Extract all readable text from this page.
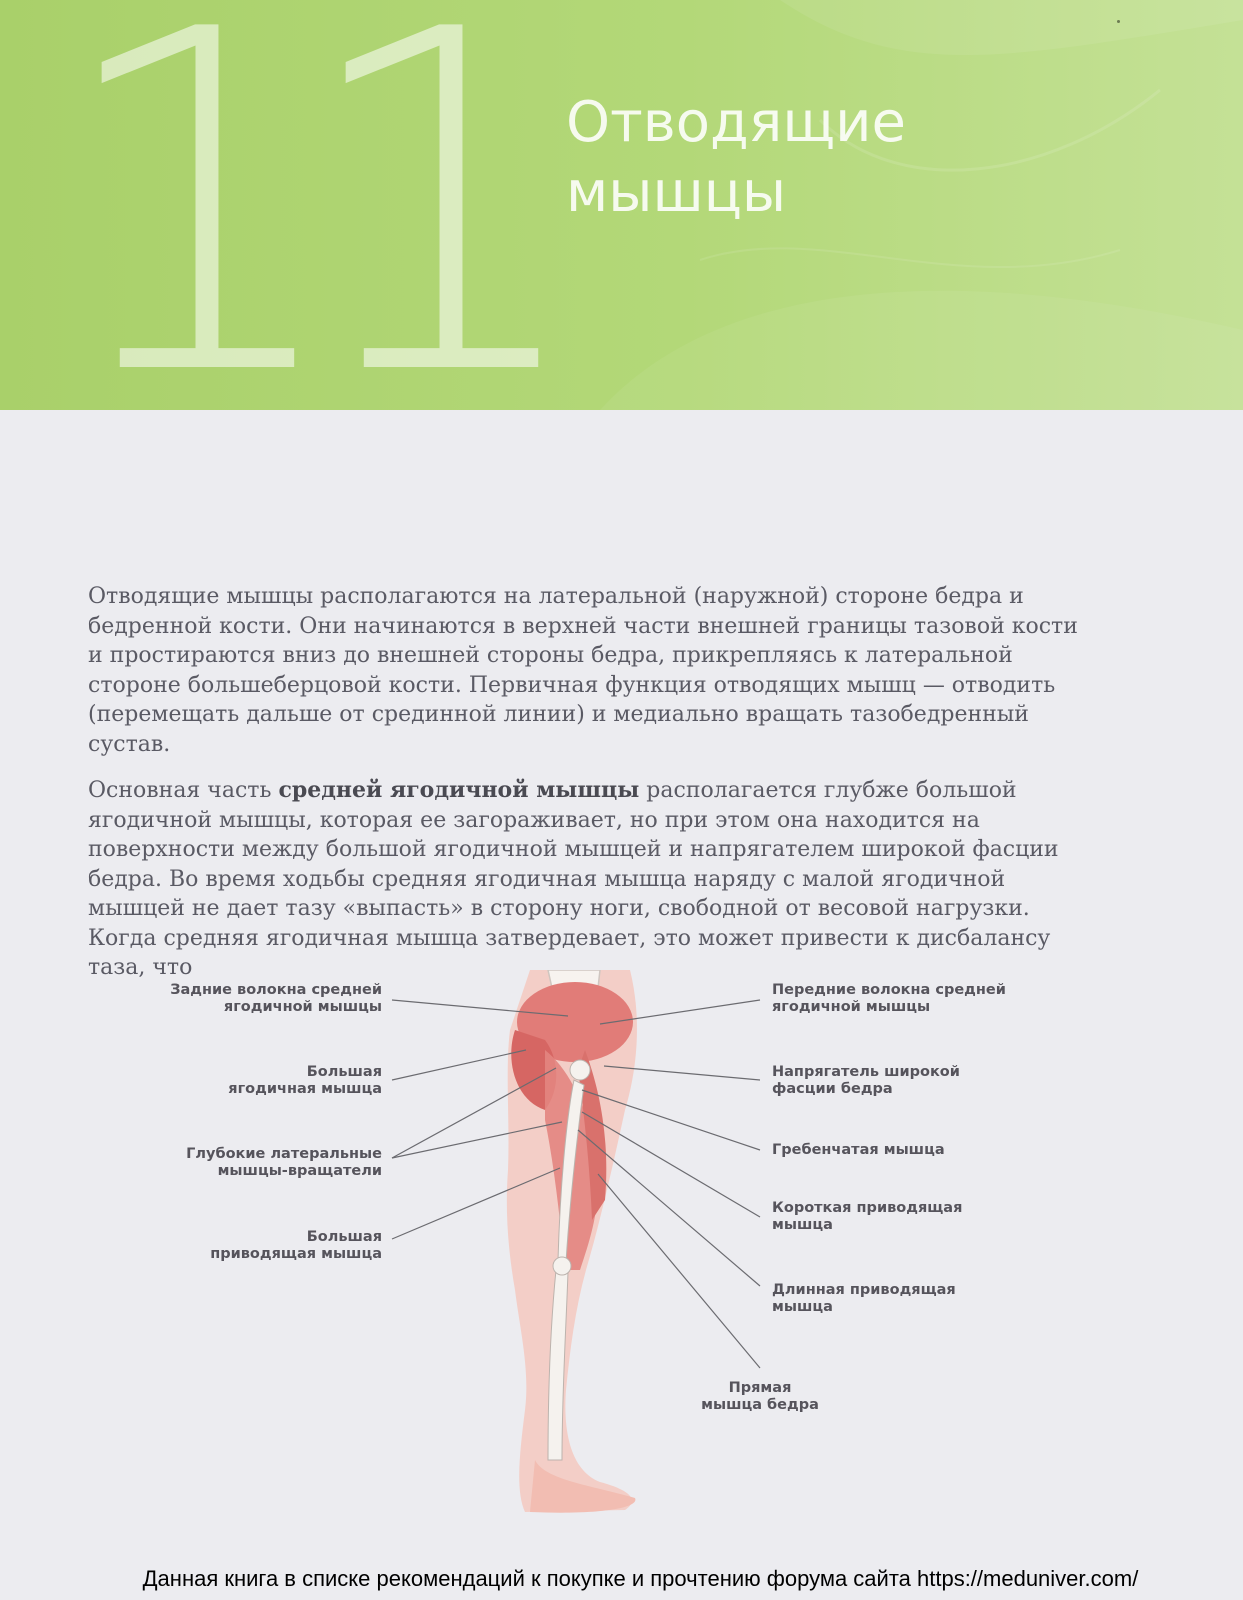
11 Отводящие
мышцы

Отводящие мышцы располагаются на латеральной (наружной) стороне бедра и бедренной кости. Они начинаются в верхней части внешней границы тазовой кости и простираются вниз до внешней стороны бедра, прикрепляясь к латеральной стороне большеберцовой кости. Первичная функция отводящих мышц — отводить (перемещать дальше от срединной линии) и медиально вращать тазобедренный сустав.

Основная часть средней ягодичной мышцы располагается глубже большой ягодичной мышцы, которая ее загораживает, но при этом она находится на поверхности между большой ягодичной мышцей и напрягателем широкой фасции бедра. Во время ходьбы средняя ягодичная мышца наряду с малой ягодичной мышцей не дает тазу «выпасть» в сторону ноги, свободной от весовой нагрузки. Когда средняя ягодичная мышца затвердевает, это может привести к дисбалансу таза, что

Задние волокна средней
ягодичной мышцы
Большая
ягодичная мышца
Глубокие латеральные
мышцы-вращатели
Большая
приводящая мышца
Передние волокна средней
ягодичной мышцы
Напрягатель широкой
фасции бедра
Гребенчатая мышца
Короткая приводящая
мышца
Длинная приводящая
мышца
Прямая
мышца бедра
Данная книга в списке рекомендаций к покупке и прочтению форума сайта https://meduniver.com/
